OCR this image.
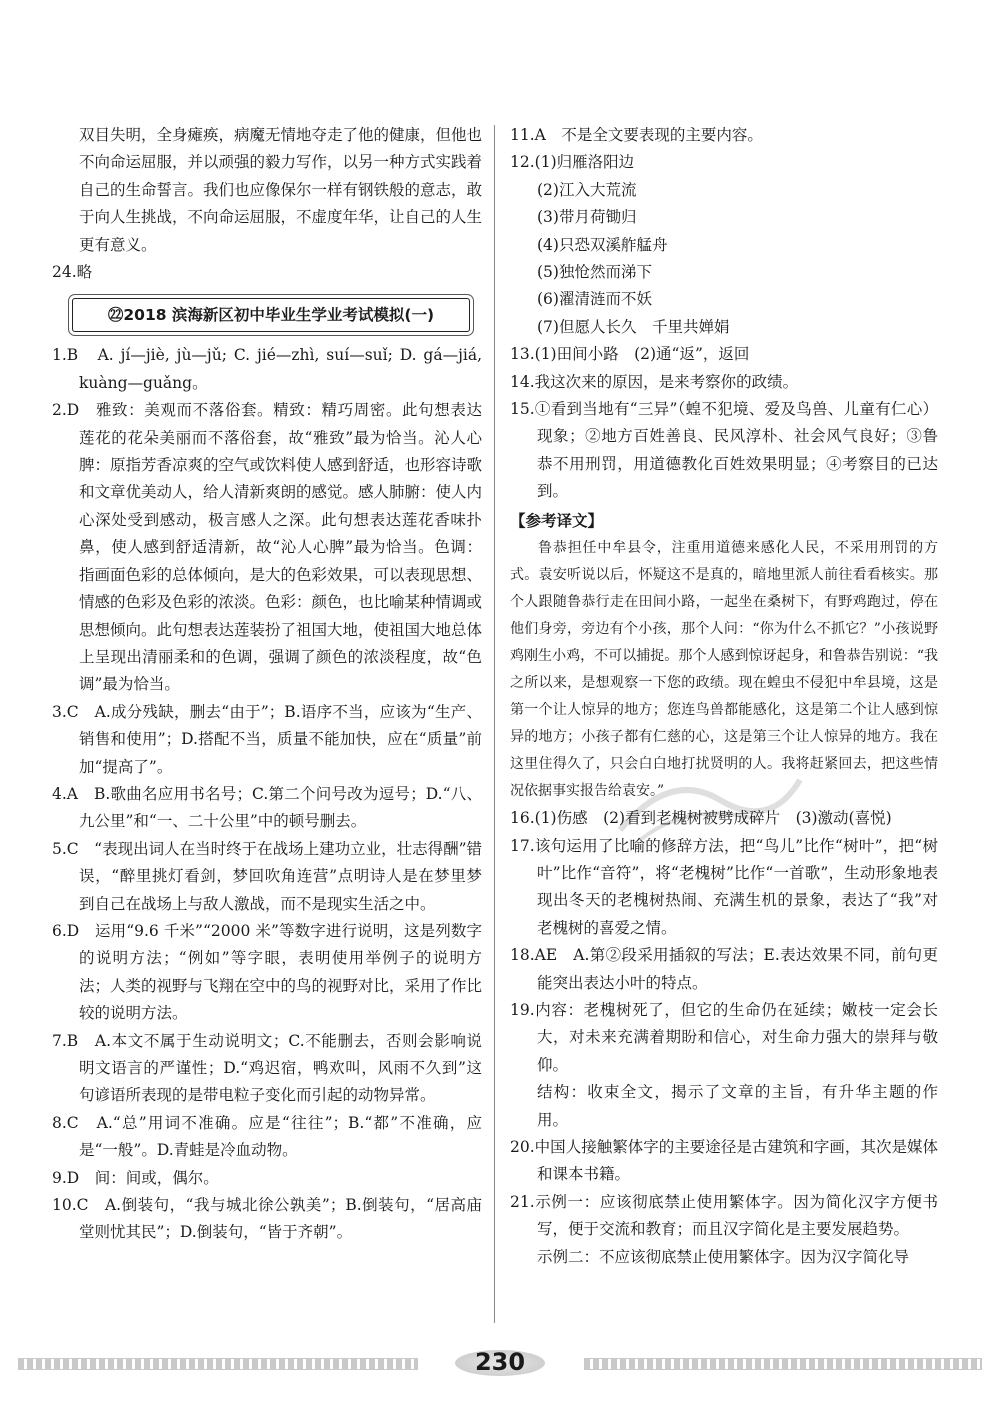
双目失明，全身瘫痪，病魔无情地夺走了他的健康，但他也不向命运屈服，并以顽强的毅力写作，以另一种方式实践着自己的生命誓言。我们也应像保尔一样有钢铁般的意志，敢于向人生挑战，不向命运屈服，不虚度年华，让自己的人生更有意义。

24.略

㉒2018 滨海新区初中毕业生学业考试模拟(一)

1.B　A. jí—jiè, jù—jǔ; C. jié—zhì, suí—suǐ; D. gá—jiá, kuàng—guǎng。

2.D　雅致：美观而不落俗套。精致：精巧周密。此句想表达莲花的花朵美丽而不落俗套，故“雅致”最为恰当。沁人心脾：原指芳香凉爽的空气或饮料使人感到舒适，也形容诗歌和文章优美动人，给人清新爽朗的感觉。感人肺腑：使人内心深处受到感动，极言感人之深。此句想表达莲花香味扑鼻，使人感到舒适清新，故“沁人心脾”最为恰当。色调：指画面色彩的总体倾向，是大的色彩效果，可以表现思想、情感的色彩及色彩的浓淡。色彩：颜色，也比喻某种情调或思想倾向。此句想表达莲装扮了祖国大地，使祖国大地总体上呈现出清丽柔和的色调，强调了颜色的浓淡程度，故“色调”最为恰当。

3.C　A.成分残缺，删去“由于”；B.语序不当，应该为“生产、销售和使用”；D.搭配不当，质量不能加快，应在“质量”前加“提高了”。

4.A　B.歌曲名应用书名号；C.第二个问号改为逗号；D.“八、九公里”和“一、二十公里”中的顿号删去。

5.C　“表现出词人在当时终于在战场上建功立业，壮志得酬”错误，“醉里挑灯看剑，梦回吹角连营”点明诗人是在梦里梦到自己在战场上与敌人激战，而不是现实生活之中。

6.D　运用“9.6 千米”“2000 米”等数字进行说明，这是列数字的说明方法；“例如”等字眼，表明使用举例子的说明方法；人类的视野与飞翔在空中的鸟的视野对比，采用了作比较的说明方法。

7.B　A.本文不属于生动说明文；C.不能删去，否则会影响说明文语言的严谨性；D.“鸡迟宿，鸭欢叫，风雨不久到”这句谚语所表现的是带电粒子变化而引起的动物异常。

8.C　A.“总”用词不准确。应是“往往”；B.“都”不准确，应是“一般”。D.青蛙是冷血动物。

9.D　间：间或，偶尔。

10.C　A.倒装句，“我与城北徐公孰美”；B.倒装句，“居高庙堂则忧其民”；D.倒装句，“皆于齐朝”。

11.A　不是全文要表现的主要内容。

12.(1)归雁洛阳边

(2)江入大荒流

(3)带月荷锄归

(4)只恐双溪舴艋舟

(5)独怆然而涕下

(6)濯清涟而不妖

(7)但愿人长久　千里共婵娟

13.(1)田间小路　(2)通“返”，返回

14.我这次来的原因，是来考察你的政绩。

15.①看到当地有“三异”（蝗不犯境、爱及鸟兽、儿童有仁心）现象；②地方百姓善良、民风淳朴、社会风气良好；③鲁恭不用刑罚，用道德教化百姓效果明显；④考察目的已达到。

【参考译文】

鲁恭担任中牟县令，注重用道德来感化人民，不采用刑罚的方式。袁安听说以后，怀疑这不是真的，暗地里派人前往看看核实。那个人跟随鲁恭行走在田间小路，一起坐在桑树下，有野鸡跑过，停在他们身旁，旁边有个小孩，那个人问：“你为什么不抓它？”小孩说野鸡刚生小鸡，不可以捕捉。那个人感到惊讶起身，和鲁恭告别说：“我之所以来，是想观察一下您的政绩。现在蝗虫不侵犯中牟县境，这是第一个让人惊异的地方；您连鸟兽都能感化，这是第二个让人感到惊异的地方；小孩子都有仁慈的心，这是第三个让人惊异的地方。我在这里住得久了，只会白白地打扰贤明的人。我将赶紧回去，把这些情况依据事实报告给袁安。”

16.(1)伤感　(2)看到老槐树被劈成碎片　(3)激动(喜悦)

17.该句运用了比喻的修辞方法，把“鸟儿”比作“树叶”，把“树叶”比作“音符”，将“老槐树”比作“一首歌”，生动形象地表现出冬天的老槐树热闹、充满生机的景象，表达了“我”对老槐树的喜爱之情。

18.AE　A.第②段采用插叙的写法；E.表达效果不同，前句更能突出表达小叶的特点。

19.内容：老槐树死了，但它的生命仍在延续；嫩枝一定会长大，对未来充满着期盼和信心，对生命力强大的崇拜与敬仰。

结构：收束全文，揭示了文章的主旨，有升华主题的作用。

20.中国人接触繁体字的主要途径是古建筑和字画，其次是媒体和课本书籍。

21.示例一：应该彻底禁止使用繁体字。因为简化汉字方便书写，便于交流和教育；而且汉字简化是主要发展趋势。

示例二：不应该彻底禁止使用繁体字。因为汉字简化导

230
